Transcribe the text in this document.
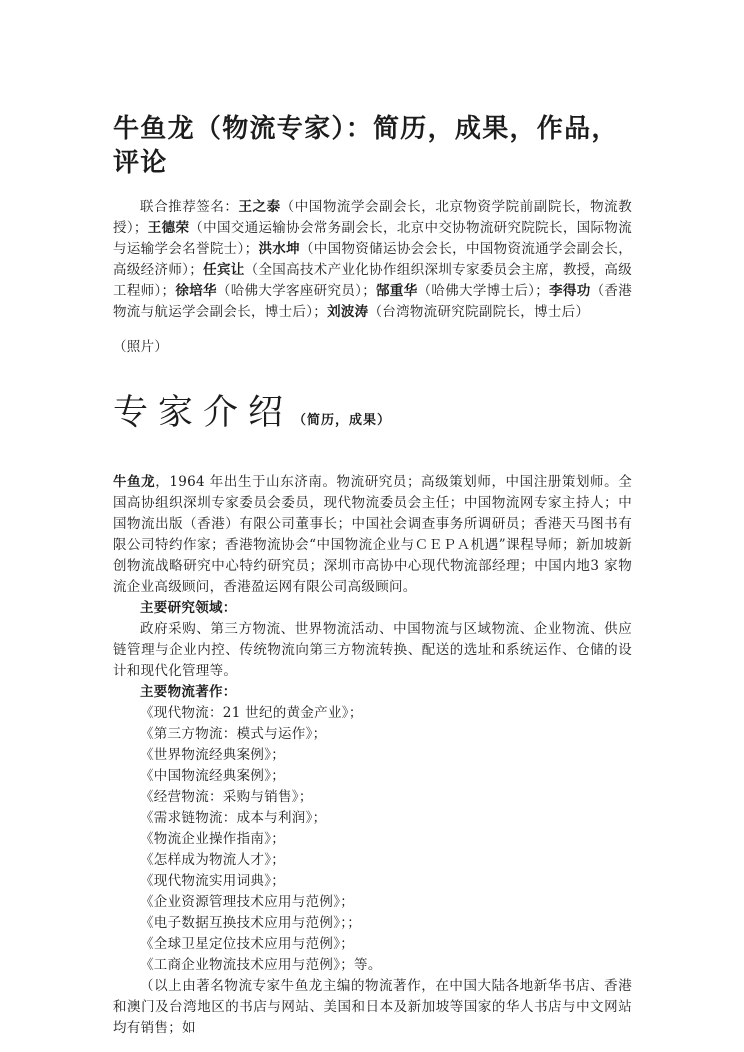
牛鱼龙（物流专家）：简历，成果，作品，评论

联合推荐签名：王之泰（中国物流学会副会长，北京物资学院前副院长，物流教授）；王德荣（中国交通运输协会常务副会长，北京中交协物流研究院院长，国际物流与运输学会名誉院士）；洪水坤（中国物资储运协会会长，中国物资流通学会副会长，高级经济师）；任宾让（全国高技术产业化协作组织深圳专家委员会主席，教授，高级工程师）；徐培华（哈佛大学客座研究员）；郜重华（哈佛大学博士后）；李得功（香港物流与航运学会副会长，博士后）；刘波涛（台湾物流研究院副院长，博士后）

（照片）

专家介绍（简历，成果）

牛鱼龙，1964 年出生于山东济南。物流研究员；高级策划师，中国注册策划师。全国高协组织深圳专家委员会委员，现代物流委员会主任；中国物流网专家主持人；中国物流出版（香港）有限公司董事长；中国社会调查事务所调研员；香港天马图书有限公司特约作家；香港物流协会“中国物流企业与ＣＥＰＡ机遇”课程导师；新加坡新创物流战略研究中心特约研究员；深圳市高协中心现代物流部经理；中国内地3 家物流企业高级顾问，香港盈运网有限公司高级顾问。

主要研究领域：

政府采购、第三方物流、世界物流活动、中国物流与区域物流、企业物流、供应链管理与企业内控、传统物流向第三方物流转换、配送的选址和系统运作、仓储的设计和现代化管理等。

主要物流著作：

《现代物流：21 世纪的黄金产业》；
《第三方物流：模式与运作》；
《世界物流经典案例》；
《中国物流经典案例》；
《经营物流：采购与销售》；
《需求链物流：成本与利润》；
《物流企业操作指南》；
《怎样成为物流人才》；
《现代物流实用词典》；
《企业资源管理技术应用与范例》；
《电子数据互换技术应用与范例》；；
《全球卫星定位技术应用与范例》；
《工商企业物流技术应用与范例》；等。

（以上由著名物流专家牛鱼龙主编的物流著作，在中国大陆各地新华书店、香港和澳门及台湾地区的书店与网站、美国和日本及新加坡等国家的华人书店与中文网站均有销售；如
